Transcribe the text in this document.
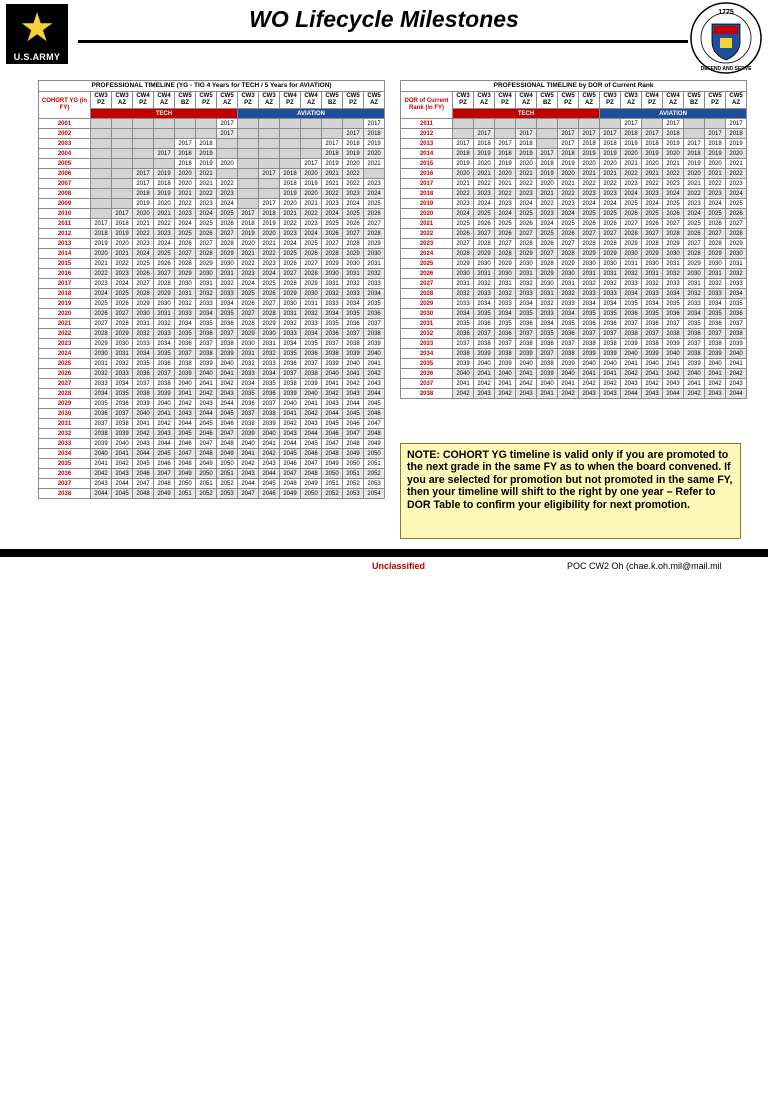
★
U.S.ARMY
WO Lifecycle Milestones	1775
DEFEND AND SERVE
PROFESSIONAL TIMELINE (YG - TIG 4 Years for TECH / 5 Years for AVIATION)														
COHORT YG (in FY)	CW3 PZ	CW3 AZ	CW4 PZ	CW4 AZ	CW5 BZ	CW5 PZ	CW5 AZ	CW3 PZ	CW3 AZ	CW4 PZ	CW4 AZ	CW5 BZ	CW5 PZ	CW5 AZ
	TECH							AVIATION						
2001							2017							2017
2002							2017						2017	2018
2003					2017	2018						2017	2018	2019
2004				2017	2018	2019						2018	2019	2020
2005					2018	2019	2020				2017	2019	2020	2021
2006			2017	2019	2020	2021			2017	2018	2020	2021	2022	
2007			2017	2018	2020	2021	2022			2018	2019	2021	2022	2023
2008			2018	2019	2021	2022	2023			2019	2020	2022	2023	2024
2009			2019	2020	2022	2023	2024		2017	2020	2021	2023	2024	2025
2010		2017	2020	2021	2023	2024	2025	2017	2018	2021	2022	2024	2025	2026
2011	2017	2018	2021	2022	2024	2025	2026	2018	2019	2022	2023	2025	2026	2027
2012	2018	2019	2022	2023	2025	2026	2027	2019	2020	2023	2024	2026	2027	2028
2013	2019	2020	2023	2024	2026	2027	2028	2020	2021	2024	2025	2027	2028	2029
2014	2020	2021	2024	2025	2027	2028	2029	2021	2022	2025	2026	2028	2029	2030
2015	2021	2022	2025	2026	2028	2029	2030	2022	2023	2026	2027	2029	2030	2031
2016	2022	2023	2026	2027	2029	2030	2031	2023	2024	2027	2028	2030	2031	2032
2017	2023	2024	2027	2028	2030	2031	2032	2024	2025	2028	2029	2031	2032	2033
2018	2024	2025	2028	2029	2031	2032	2033	2025	2026	2029	2030	2032	2033	2034
2019	2025	2026	2029	2030	2032	2033	2034	2026	2027	2030	2031	2033	2034	2035
2020	2026	2027	2030	2031	2033	2034	2035	2027	2028	2031	2032	2034	2035	2036
2021	2027	2028	2031	2032	2034	2035	2036	2028	2029	2032	2033	2035	2036	2037
2022	2028	2029	2032	2033	2035	2036	2037	2029	2030	2033	2034	2036	2037	2038
2023	2029	2030	2033	2034	2036	2037	2038	2030	2031	2034	2035	2037	2038	2039
2024	2030	2031	2034	2035	2037	2038	2039	2031	2032	2035	2036	2038	2039	2040
2025	2031	2032	2035	2036	2038	2039	2040	2032	2033	2036	2037	2039	2040	2041
2026	2032	2033	2036	2037	2039	2040	2041	2033	2034	2037	2038	2040	2041	2042
2027	2033	2034	2037	2038	2040	2041	2042	2034	2035	2038	2039	2041	2042	2043
2028	2034	2035	2038	2039	2041	2042	2043	2035	2036	2039	2040	2042	2043	2044
2029	2035	2036	2039	2040	2042	2043	2044	2036	2037	2040	2041	2043	2044	2045
2030	2036	2037	2040	2041	2043	2044	2045	2037	2038	2041	2042	2044	2045	2046
2031	2037	2038	2041	2042	2044	2045	2046	2038	2039	2042	2043	2045	2046	2047
2032	2038	2039	2042	2043	2045	2046	2047	2039	2040	2043	2044	2046	2047	2048
2033	2039	2040	2043	2044	2046	2047	2048	2040	2041	2044	2045	2047	2048	2049
2034	2040	2041	2044	2045	2047	2048	2049	2041	2042	2045	2046	2048	2049	2050
2035	2041	2042	2045	2046	2048	2049	2050	2042	2043	2046	2047	2049	2050	2051
2036	2042	2043	2046	2047	2049	2050	2051	2043	2044	2047	2048	2050	2051	2052
2037	2043	2044	2047	2048	2050	2051	2052	2044	2045	2048	2049	2051	2052	2053
2038	2044	2045	2048	2049	2051	2052	2053	2047	2046	2049	2050	2052	2053	2054
PROFESSIONAL TIMELINE by DOR of Current Rank														
DOR of Current Rank (in FY)	CW3 PZ	CW3 AZ	CW4 PZ	CW4 AZ	CW5 BZ	CW5 PZ	CW5 AZ	CW3 PZ	CW3 AZ	CW4 PZ	CW4 AZ	CW5 BZ	CW5 PZ	CW5 AZ
	TECH							AVIATION						
2011									2017		2017			2017
2012		2017		2017		2017	2017	2017	2018	2017	2018		2017	2018
2013	2017	2018	2017	2018		2017	2018	2018	2019	2018	2019	2017	2018	2019
2014	2018	2019	2018	2019	2017	2018	2019	2019	2020	2019	2020	2018	2019	2020
2015	2019	2020	2019	2020	2018	2019	2020	2020	2021	2020	2021	2019	2020	2021
2016	2020	2021	2020	2021	2019	2020	2021	2021	2022	2021	2022	2020	2021	2022
2017	2021	2022	2021	2022	2020	2021	2022	2022	2023	2022	2023	2021	2022	2023
2018	2022	2023	2022	2023	2021	2022	2023	2023	2024	2023	2024	2022	2023	2024
2019	2023	2024	2023	2024	2022	2023	2024	2024	2025	2024	2025	2023	2024	2025
2020	2024	2025	2024	2025	2023	2024	2025	2025	2026	2025	2026	2024	2025	2026
2021	2025	2026	2025	2026	2024	2025	2026	2026	2027	2026	2027	2025	2026	2027
2022	2026	2027	2026	2027	2025	2026	2027	2027	2028	2027	2028	2026	2027	2028
2023	2027	2028	2027	2028	2026	2027	2028	2028	2029	2028	2029	2027	2028	2029
2024	2028	2029	2028	2029	2027	2028	2029	2029	2030	2029	2030	2028	2029	2030
2025	2029	2030	2029	2030	2028	2029	2030	2030	2031	2030	2031	2029	2030	2031
2026	2030	2031	2030	2031	2029	2030	2031	2031	2032	2031	2032	2030	2031	2032
2027	2031	2032	2031	2032	2030	2031	2032	2032	2033	2032	2033	2031	2032	2033
2028	2032	2033	2032	2033	2031	2032	2033	2033	2034	2033	2034	2032	2033	2034
2029	2033	2034	2033	2034	2032	2033	2034	2034	2035	2034	2035	2033	2034	2035
2030	2034	2035	2034	2035	2033	2034	2035	2035	2036	2035	2036	2034	2035	2036
2031	2035	2036	2035	2036	2034	2035	2036	2036	2037	2036	2037	2035	2036	2037
2032	2036	2037	2036	2037	2035	2036	2037	2037	2038	2037	2038	2036	2037	2038
2033	2037	2038	2037	2038	2036	2037	2038	2038	2039	2038	2039	2037	2038	2039
2034	2038	2039	2038	2039	2037	2038	2039	2039	2040	2039	2040	2038	2039	2040
2035	2039	2040	2039	2040	2038	2039	2040	2040	2041	2040	2041	2039	2040	2041
2036	2040	2041	2040	2041	2039	2040	2041	2041	2042	2041	2042	2040	2041	2042
2037	2041	2042	2041	2042	2040	2041	2042	2042	2043	2042	2043	2041	2042	2043
2038	2042	2043	2042	2043	2041	2042	2043	2043	2044	2043	2044	2042	2043	2044
NOTE: COHORT YG timeline is valid only if you are promoted to the next grade in the same FY as to when the board convened. If you are selected for promotion but not promoted in the same FY, then your timeline will shift to the right by one year – Refer to DOR Table to confirm your eligibility for next promotion.
1
Unclassified	POC CW2 Oh (chae.k.oh.mil@mail.mil
